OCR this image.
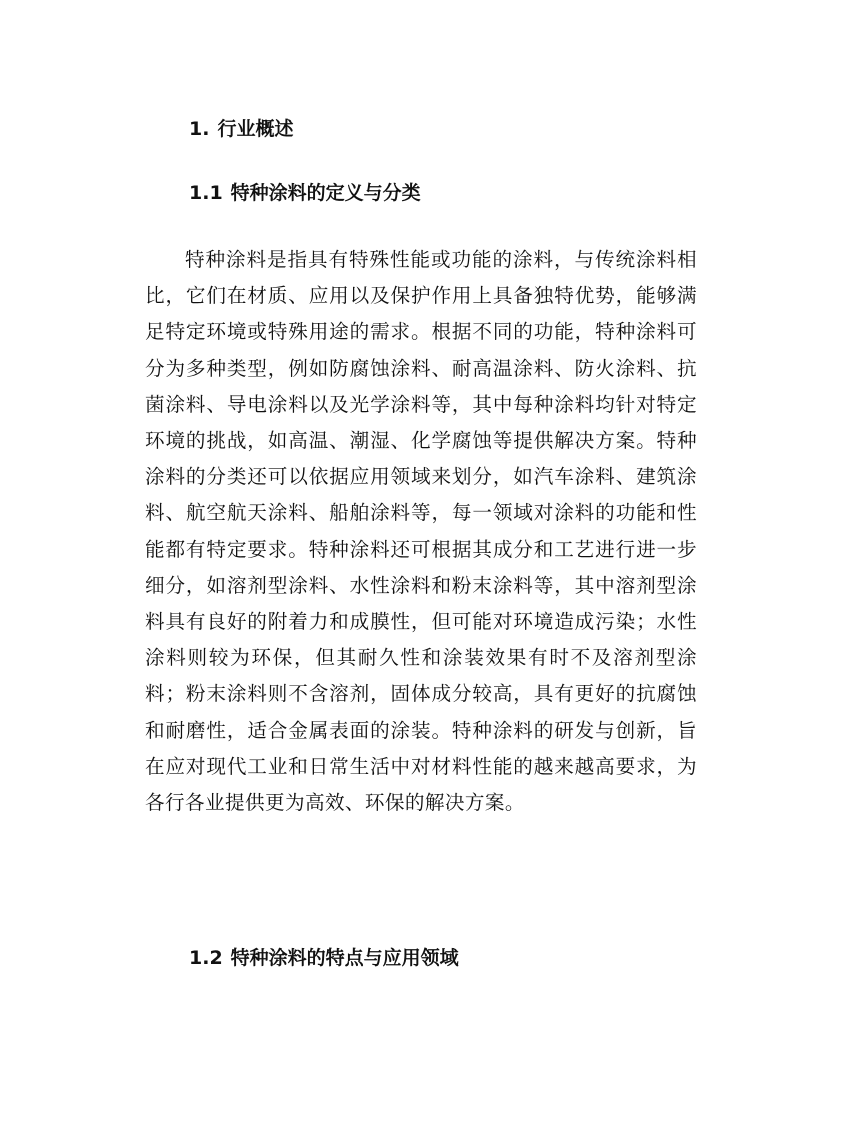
1. 行业概述
1.1 特种涂料的定义与分类

特种涂料是指具有特殊性能或功能的涂料，与传统涂料相比，它们在材质、应用以及保护作用上具备独特优势，能够满足特定环境或特殊用途的需求。根据不同的功能，特种涂料可分为多种类型，例如防腐蚀涂料、耐高温涂料、防火涂料、抗菌涂料、导电涂料以及光学涂料等，其中每种涂料均针对特定环境的挑战，如高温、潮湿、化学腐蚀等提供解决方案。特种涂料的分类还可以依据应用领域来划分，如汽车涂料、建筑涂料、航空航天涂料、船舶涂料等，每一领域对涂料的功能和性能都有特定要求。特种涂料还可根据其成分和工艺进行进一步细分，如溶剂型涂料、水性涂料和粉末涂料等，其中溶剂型涂料具有良好的附着力和成膜性，但可能对环境造成污染；水性涂料则较为环保，但其耐久性和涂装效果有时不及溶剂型涂料；粉末涂料则不含溶剂，固体成分较高，具有更好的抗腐蚀和耐磨性，适合金属表面的涂装。特种涂料的研发与创新，旨在应对现代工业和日常生活中对材料性能的越来越高要求，为各行各业提供更为高效、环保的解决方案。

1.2 特种涂料的特点与应用领域
